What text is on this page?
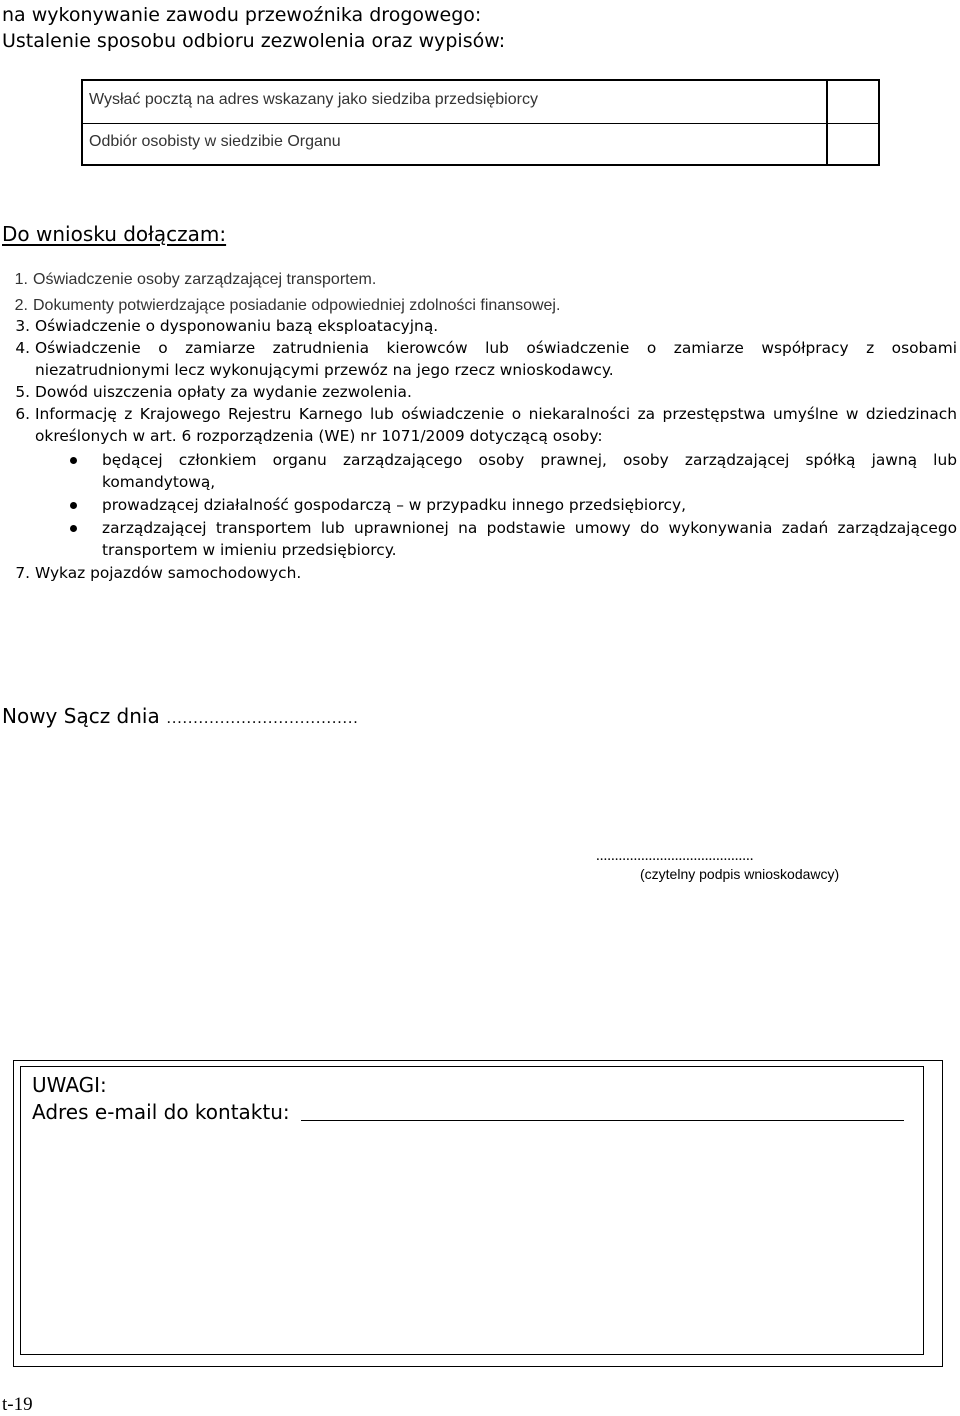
na wykonywanie zawodu przewoźnika drogowego:
Ustalenie sposobu odbioru zezwolenia oraz wypisów:
Wysłać pocztą na adres wskazany jako siedziba przedsiębiorcy
Odbiór osobisty w siedzibie Organu
Do wniosku dołączam:
1. Oświadczenie osoby zarządzającej transportem.
2. Dokumenty potwierdzające posiadanie odpowiedniej zdolności finansowej.
3. Oświadczenie o dysponowaniu bazą eksploatacyjną.
4. Oświadczenie o zamiarze zatrudnienia kierowców lub oświadczenie o zamiarze współpracy z osobami niezatrudnionymi lecz wykonującymi przewóz na jego rzecz wnioskodawcy.
5. Dowód uiszczenia opłaty za wydanie zezwolenia.
6. Informację z Krajowego Rejestru Karnego lub oświadczenie o niekaralności za przestępstwa umyślne w dziedzinach określonych w art. 6 rozporządzenia (WE) nr 1071/2009 dotyczącą osoby:
będącej członkiem organu zarządzającego osoby prawnej, osoby zarządzającej spółką jawną lub komandytową,
prowadzącej działalność gospodarczą – w przypadku innego przedsiębiorcy,
zarządzającej transportem lub uprawnionej na podstawie umowy do wykonywania zadań zarządzającego transportem w imieniu przedsiębiorcy.
7. Wykaz pojazdów samochodowych.
Nowy Sącz dnia ………………………………
..........................................
(czytelny podpis wnioskodawcy)
UWAGI:
Adres e-mail do kontaktu:
t-19
